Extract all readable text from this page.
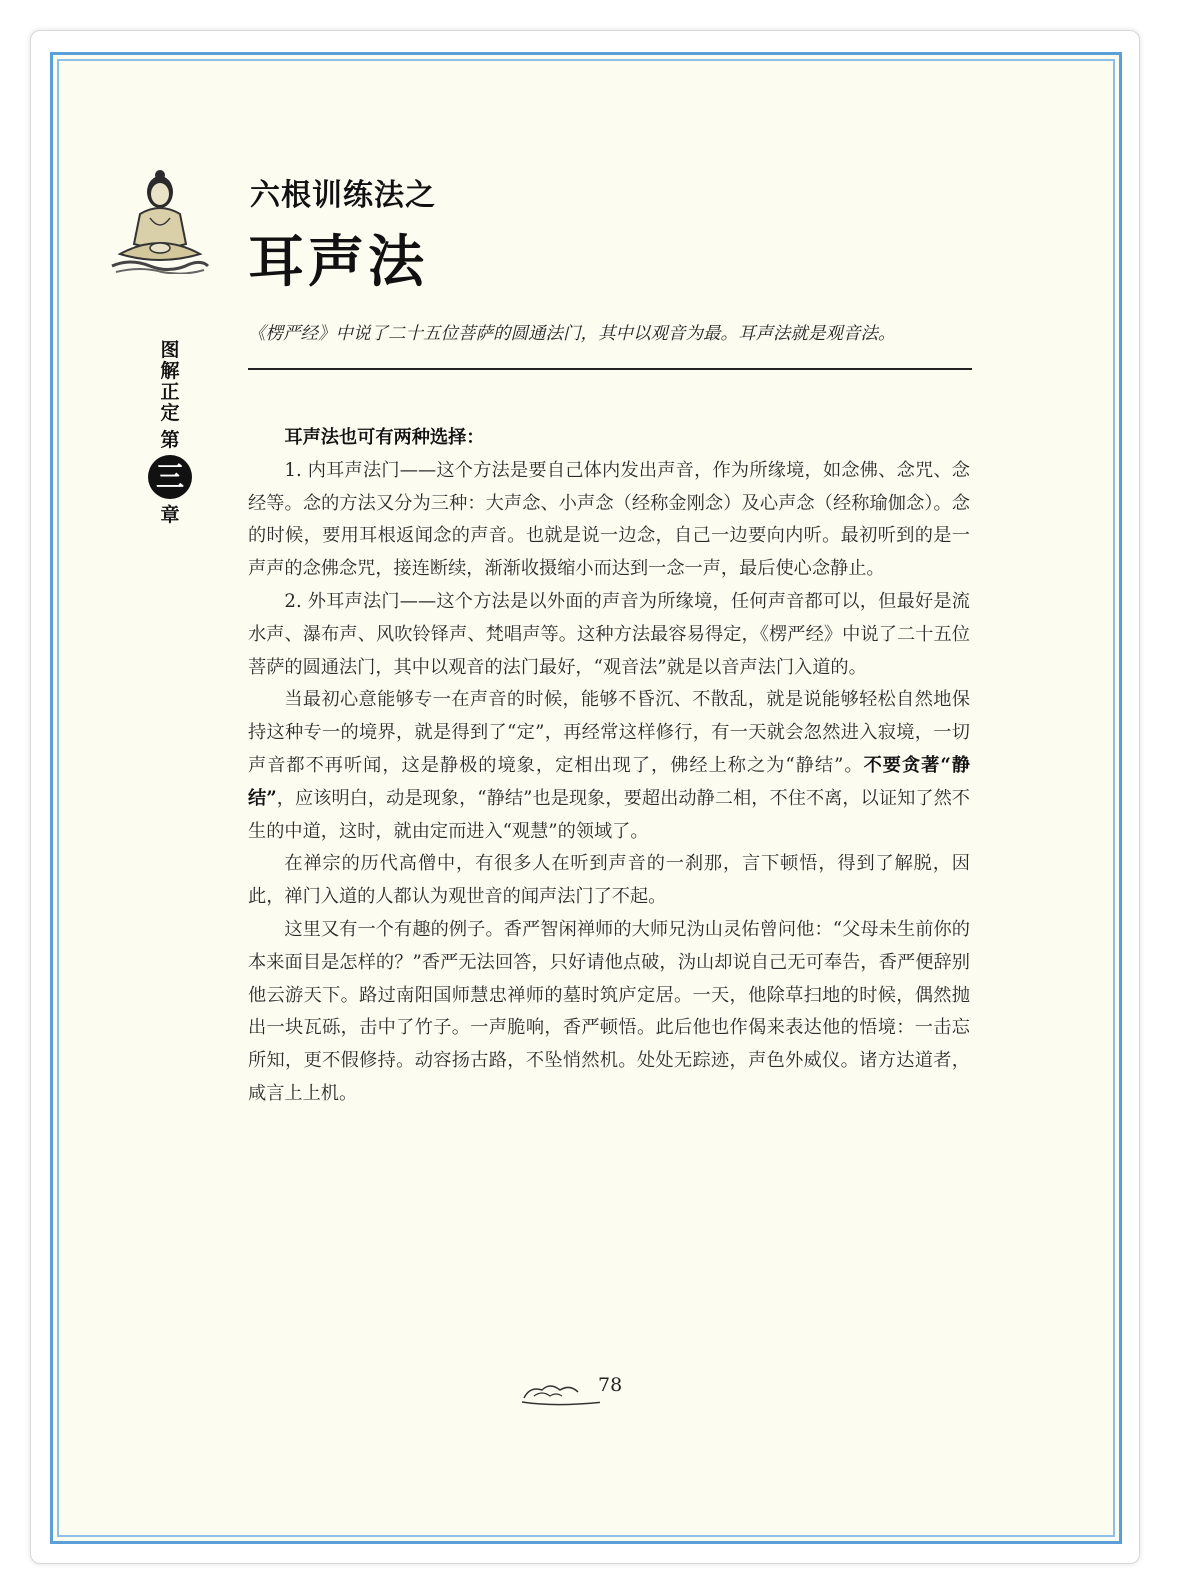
六根训练法之
耳声法
图
解
正
定
第
三
章
《楞严经》中说了二十五位菩萨的圆通法门，其中以观音为最。耳声法就是观音法。

耳声法也可有两种选择：

1. 内耳声法门——这个方法是要自己体内发出声音，作为所缘境，如念佛、念咒、念经等。念的方法又分为三种：大声念、小声念（经称金刚念）及心声念（经称瑜伽念）。念的时候，要用耳根返闻念的声音。也就是说一边念，自己一边要向内听。最初听到的是一声声的念佛念咒，接连断续，渐渐收摄缩小而达到一念一声，最后使心念静止。

2. 外耳声法门——这个方法是以外面的声音为所缘境，任何声音都可以，但最好是流水声、瀑布声、风吹铃铎声、梵唱声等。这种方法最容易得定，《楞严经》中说了二十五位菩萨的圆通法门，其中以观音的法门最好，“观音法”就是以音声法门入道的。

当最初心意能够专一在声音的时候，能够不昏沉、不散乱，就是说能够轻松自然地保持这种专一的境界，就是得到了“定”，再经常这样修行，有一天就会忽然进入寂境，一切声音都不再听闻，这是静极的境象，定相出现了，佛经上称之为“静结”。不要贪著“静结”，应该明白，动是现象，“静结”也是现象，要超出动静二相，不住不离，以证知了然不生的中道，这时，就由定而进入“观慧”的领域了。

在禅宗的历代高僧中，有很多人在听到声音的一刹那，言下顿悟，得到了解脱，因此，禅门入道的人都认为观世音的闻声法门了不起。

这里又有一个有趣的例子。香严智闲禅师的大师兄沩山灵佑曾问他：“父母未生前你的本来面目是怎样的？”香严无法回答，只好请他点破，沩山却说自己无可奉告，香严便辞别他云游天下。路过南阳国师慧忠禅师的墓时筑庐定居。一天，他除草扫地的时候，偶然抛出一块瓦砾，击中了竹子。一声脆响，香严顿悟。此后他也作偈来表达他的悟境：一击忘所知，更不假修持。动容扬古路，不坠悄然机。处处无踪迹，声色外威仪。诸方达道者，咸言上上机。

78
